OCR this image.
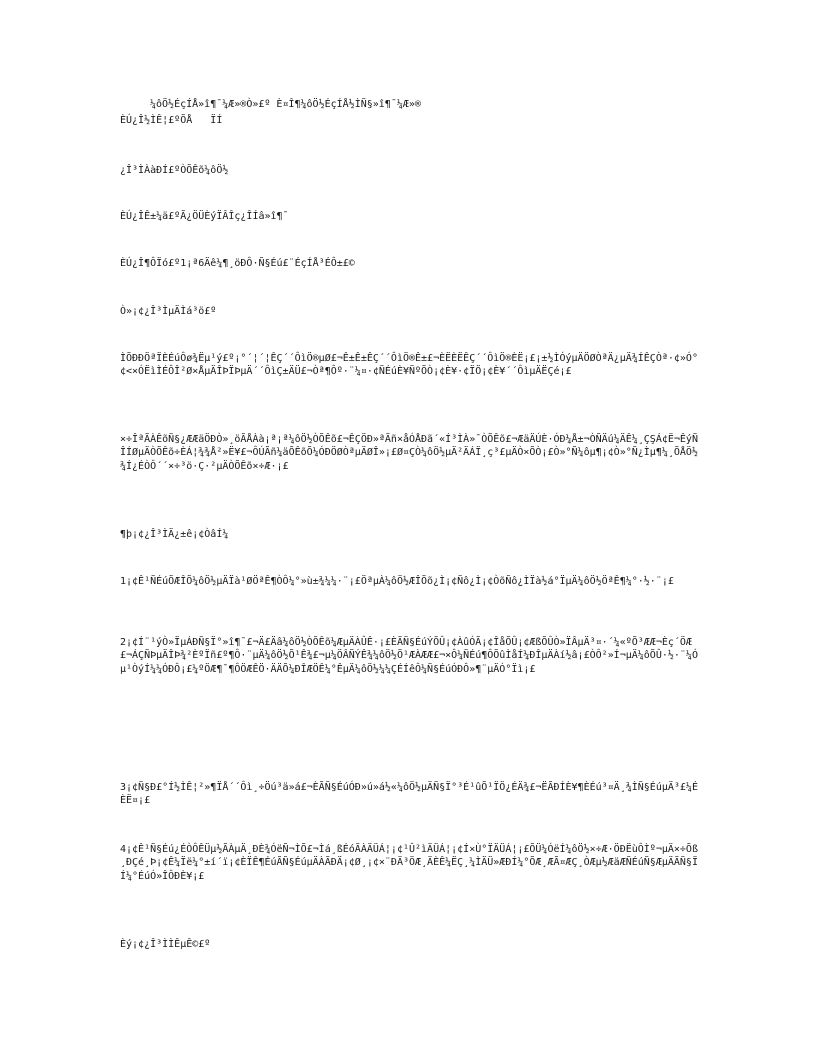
¼ôÖ½ÉçÍÅ»î¶¯¼Æ»®Ò»£º È¤Î¶¼ôÖ½ÉçÍÅ½ÌÑ§»î¶¯¼Æ»®
ÈÚ¿Î½ÌÊ¦£ºÕÅ   ÏÍ
¿Î³ÌÀàÐÍ£ºÒÕÊõ¼ôÖ½
ÈÚ¿ÎÊ±¼ä£ºÃ¿ÖÜÈýÏÂÎç¿ÎÍâ»î¶¯
ÈÚ¿Î¶ÔÏó£º1¡ª6Äê¼¶¸öÐÔ·Ñ§Éú£¨ÉçÍÅ³ÉÔ±£©
Ò»¡¢¿Î³ÌµÄÌá³ö£º
ÌÕÐÐÖªÏÈÉúÔø¾Ëµ¹ý£º¡°´¦´¦ÊÇ´´ÔìÖ®µØ£¬Ê±Ê±ÊÇ´´ÔìÖ®Ê±£¬ÈËÈËÊÇ´´ÔìÖ®ÈË¡£¡±½ÌÓýµÄÖØÒªÄ¿µÄ¾ÍÊÇÒª·¢»Ó°¢<×ÓËìÌÉÔÎ²Ø×ÅµÄÎÞÏÞµÄ´´ÔìÇ±ÄÜ£¬Òª¶Ôº·¨¼¤·¢ÑÉúÈ¥ÑºÕÒ¡¢È¥·¢ÏÖ¡¢È¥´´ÔìµÄËÇé¡£
×÷ÎªÃÀÊõÑ§¿ÆÆäÖÐÒ»¸öÃÅÀà¡ª¡ª¼ôÖ½ÒÕÊõ£¬ÊÇÖÐ»ªÃñ×åÓÅÐã´«Í³ÌÀ»¯ÒÕÊõ£¬ÆäÄÚÈ·ÓÐ¼Å±¬ÒÑÄú¼ÄÊ¼¸ÇŞÁ¢Ë¬ÊýÑÎÍØµÄÒÕÊõ÷ÈÁ¦¾¾Å²»Ë¥£¬ÔÚÃñ¼äÕÊõÕ¼ÓÐÖØÒªµÄØÎ»¡£Ø¤ÇÒ¼ôÖ½µÄ²ÄÁÏ¸ç³£µÄÒ×ÕÒ¡£Ò»°Ñ¼ôµ¶¡¢Ò»°Ñ¿Ìµ¶¼¸ÕÅÖ½¾Í¿ÉÒÔ´´×÷³ö·Ç·²µÄÒÕÊõ×÷Æ·¡£
¶þ¡¢¿Î³ÌÄ¿±ê¡¢ÒâÍ¼
1¡¢Ê¹ÑÉúÕÆÎÕ¼ôÖ½µÄÏà¹ØÖªÊ¶ÒÔ¼°»ù±¾¼¼·¨¡£ÖªµÀ¼ôÖ½ÆÎÕõ¿Ì¡¢Ñô¿Ì¡¢ÒõÑô¿ÌÏà½á°ÏµÄ¼ôÖ½ÖªÊ¶¼°·½·¨¡£
2¡¢Í¨¹ýÒ»ÏµÁÐÑ§Ï°»î¶¯£¬Ä£Äâ¼ôÖ½ÒÕÊõ¼ÆµÄÀÛÊ·¡£ÈÃÑ§ÉúÝÕÛ¡¢ÀûÓÃ¡¢ÎåÕÛ¡¢ÆßÕÛÒ»ÏÂµÄ³¤·´¼«ºÕ³ÆÆ¬Èç´ÖÆ£¬ÁÇÑÞµÄÎÞ¾²ÈºÏñ£º¶Ô·¨µÄ¼ôÖ½Õ¹Ê¾£¬µ¼ÖÂÑÝÊ¾¼ôÖ½Õ¹ÆÀÆÆ£¬×Ô¼ÑÉú¶ÔÕûÌåÍ¼ÐÎµÄÀí½â¡£ÒÔ²»Í¬µÄ¼ôÕÛ·½·¨¼Óµ¹ÒýÍ¼¼ÓÐÔ¡£¼ºÖÆ¶¯¶ÔÖÆÊÖ·ÄÄÕ¼ÐÎÆÖÊ¼°ÊµÄ¼ôÖ½¼¼ÇÉÍêÔ¼Ñ§ÉúÓÐÔ»¶¨µÄÓ°Ïì¡£
3¡¢Ñ§Ð£°Í½ÌÊ¦²»¶ÏÅ´´Ôì¸÷Öú³ä»á£¬ÈÃÑ§ÉúÓÐ»ú»á½«¼ôÖ½µÄÑ§Ï°³É¹ûÕ¹ÏÖ¿ÉÄ¾£¬ËÃÐÍÈ¥¶ÈÉú³¤Ä¸¾ÌÑ§ÉúµÄ³£¼ÉÈË¤¡£
4¡¢Ê¹Ñ§Éú¿ÉÒÔÊÜµ½ÃÀµÄ¸ÐÈ¾ÓëÑ¬ÌÕ£¬Ìá¸ßÉóÃÀÄÜÁ¦¡¢¹Û²ìÄÜÁ¦¡¢Í×Ù°ÏÄÜÁ¦¡£ÕÜ¼ÓëÍ¼ôÖ½×÷Æ·ÖÐËùÔÌº¬µÄ×÷Õß¸ÐÇé¸Þ¡¢Ê¼Ïë¼°±í´ï¡¢ÈÏÊ¶ÉúÃÑ§ÉúµÄÀÃÐÄ¡¢Ø¸¡¢×¨ÐÄ³ÖÆ¸ÄÈÊ¼ËÇ¸¼ÌÄÜ»ÆÐÍ¼°ÕÆ¸ÆÃ¤ÆÇ¸ÒÆµ½ÆäÆÑÉúÑ§ÆµÄÃÑ§ÏÍ¼°ÉúÓ»ÎÔÐÈ¥¡£
Èý¡¢¿Î³ÌÌÊµÊ©£º
